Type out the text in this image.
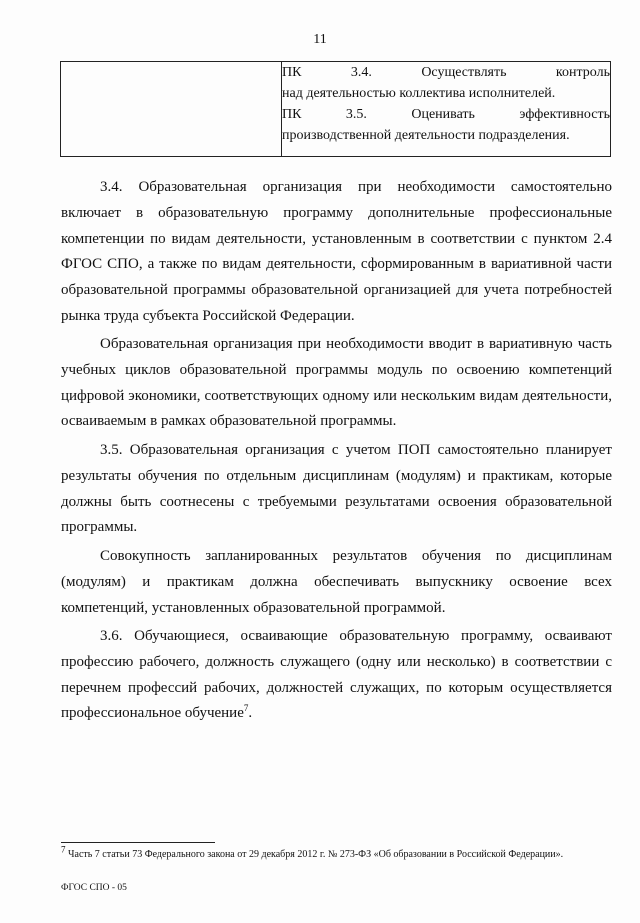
11

ПК 3.4. Осуществлять контроль
над деятельностью коллектива исполнителей.
ПК 3.5. Оценивать эффективность
производственной деятельности подразделения.

3.4. Образовательная организация при необходимости самостоятельно включает в образовательную программу дополнительные профессиональные компетенции по видам деятельности, установленным в соответствии с пунктом 2.4 ФГОС СПО, а также по видам деятельности, сформированным в вариативной части образовательной программы образовательной организацией для учета потребностей рынка труда субъекта Российской Федерации.

Образовательная организация при необходимости вводит в вариативную часть учебных циклов образовательной программы модуль по освоению компетенций цифровой экономики, соответствующих одному или нескольким видам деятельности, осваиваемым в рамках образовательной программы.

3.5. Образовательная организация с учетом ПОП самостоятельно планирует результаты обучения по отдельным дисциплинам (модулям) и практикам, которые должны быть соотнесены с требуемыми результатами освоения образовательной программы.

Совокупность запланированных результатов обучения по дисциплинам (модулям) и практикам должна обеспечивать выпускнику освоение всех компетенций, установленных образовательной программой.

3.6. Обучающиеся, осваивающие образовательную программу, осваивают профессию рабочего, должность служащего (одну или несколько) в соответствии с перечнем профессий рабочих, должностей служащих, по которым осуществляется профессиональное обучение$^7$.

$^7$ Часть 7 статьи 73 Федерального закона от 29 декабря 2012 г. № 273-ФЗ «Об образовании в Российской Федерации».
ФГОС СПО - 05
